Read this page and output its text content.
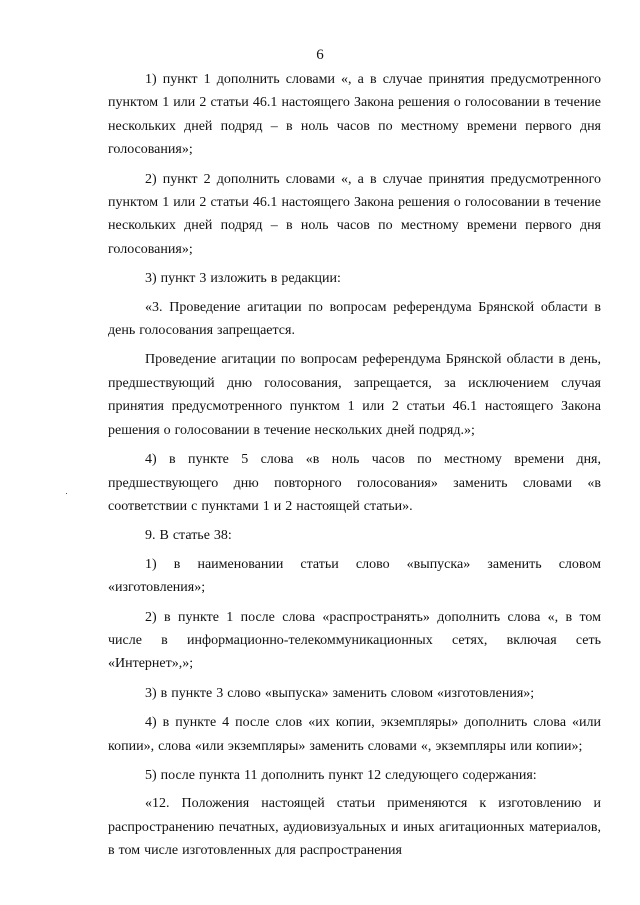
6

1) пункт 1 дополнить словами «, а в случае принятия предусмотренного пунктом 1 или 2 статьи 46.1 настоящего Закона решения о голосовании в течение нескольких дней подряд – в ноль часов по местному времени первого дня голосования»;

2) пункт 2 дополнить словами «, а в случае принятия предусмотренного пунктом 1 или 2 статьи 46.1 настоящего Закона решения о голосовании в течение нескольких дней подряд – в ноль часов по местному времени первого дня голосования»;

3) пункт 3 изложить в редакции:

«3. Проведение агитации по вопросам референдума Брянской области в день голосования запрещается.

Проведение агитации по вопросам референдума Брянской области в день, предшествующий дню голосования, запрещается, за исключением случая принятия предусмотренного пунктом 1 или 2 статьи 46.1 настоящего Закона решения о голосовании в течение нескольких дней подряд.»;

4) в пункте 5 слова «в ноль часов по местному времени дня, предшествующего дню повторного голосования» заменить словами «в соответствии с пунктами 1 и 2 настоящей статьи».

9. В статье 38:

1) в наименовании статьи слово «выпуска» заменить словом «изготовления»;

2) в пункте 1 после слова «распространять» дополнить слова «, в том числе в информационно-телекоммуникационных сетях, включая сеть «Интернет»,»;

3) в пункте 3 слово «выпуска» заменить словом «изготовления»;

4) в пункте 4 после слов «их копии, экземпляры» дополнить слова «или копии», слова «или экземпляры» заменить словами «, экземпляры или копии»;

5) после пункта 11 дополнить пункт 12 следующего содержания:

«12. Положения настоящей статьи применяются к изготовлению и распространению печатных, аудиовизуальных и иных агитационных материалов, в том числе изготовленных для распространения
